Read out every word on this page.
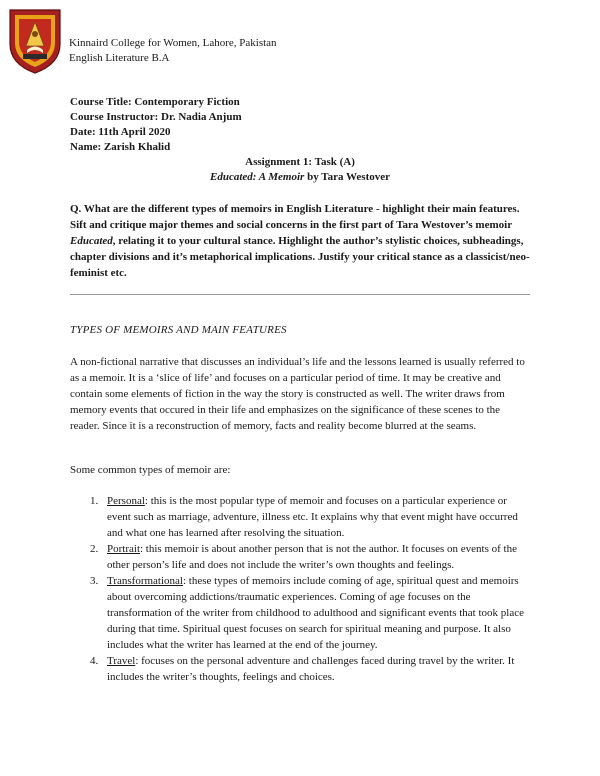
Kinnaird College for Women, Lahore, Pakistan
English Literature B.A
Course Title: Contemporary Fiction
Course Instructor: Dr. Nadia Anjum
Date: 11th April 2020
Name: Zarish Khalid
Assignment 1: Task (A)
Educated: A Memoir by Tara Westover

Q. What are the different types of memoirs in English Literature - highlight their main features. Sift and critique major themes and social concerns in the first part of Tara Westover’s memoir Educated, relating it to your cultural stance. Highlight the author’s stylistic choices, subheadings, chapter divisions and it’s metaphorical implications. Justify your critical stance as a classicist/neo-feminist etc.

TYPES OF MEMOIRS AND MAIN FEATURES

A non-fictional narrative that discusses an individual’s life and the lessons learned is usually referred to as a memoir. It is a ‘slice of life’ and focuses on a particular period of time. It may be creative and contain some elements of fiction in the way the story is constructed as well. The writer draws from memory events that occured in their life and emphasizes on the significance of these scenes to the reader. Since it is a reconstruction of memory, facts and reality become blurred at the seams.

Some common types of memoir are:

1. Personal: this is the most popular type of memoir and focuses on a particular experience or event such as marriage, adventure, illness etc. It explains why that event might have occurred and what one has learned after resolving the situation.
2. Portrait: this memoir is about another person that is not the author. It focuses on events of the other person’s life and does not include the writer’s own thoughts and feelings.
3. Transformational: these types of memoirs include coming of age, spiritual quest and memoirs about overcoming addictions/traumatic experiences. Coming of age focuses on the transformation of the writer from childhood to adulthood and significant events that took place during that time. Spiritual quest focuses on search for spiritual meaning and purpose. It also includes what the writer has learned at the end of the journey.
4. Travel: focuses on the personal adventure and challenges faced during travel by the writer. It includes the writer’s thoughts, feelings and choices.
